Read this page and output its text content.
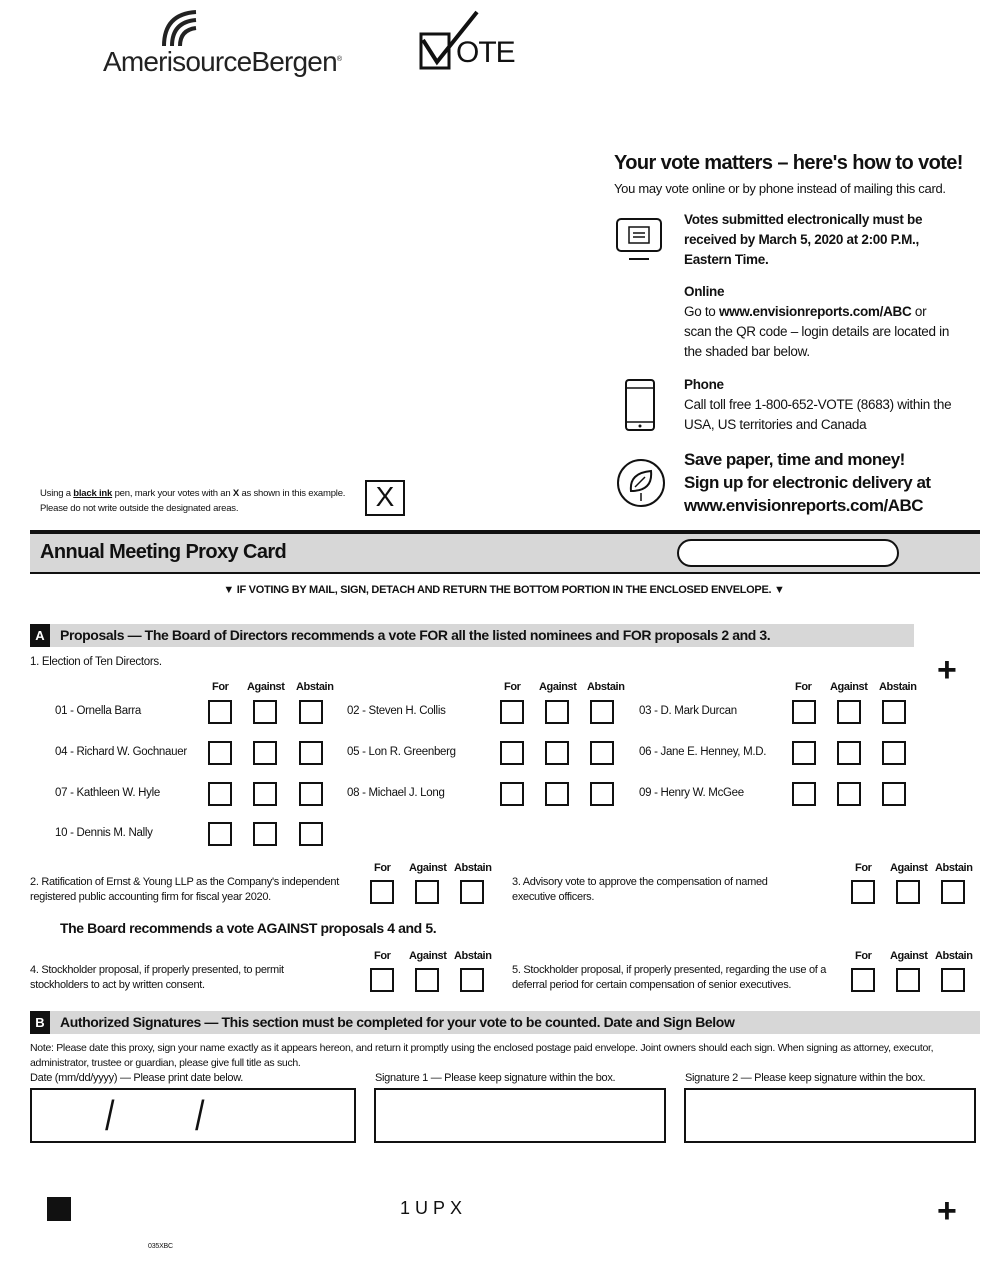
AmerisourceBergen®	OTE
Your vote matters – here's how to vote!
You may vote online or by phone instead of mailing this card.
Votes submitted electronically must be received by March 5, 2020 at 2:00 P.M., Eastern Time.
Online
Go to www.envisionreports.com/ABC or scan the QR code – login details are located in the shaded bar below.
Phone
Call toll free 1-800-652-VOTE (8683) within the USA, US territories and Canada
Save paper, time and money!
Sign up for electronic delivery at
www.envisionreports.com/ABC
Using a black ink pen, mark your votes with an X as shown in this example.
Please do not write outside the designated areas.	X
Annual Meeting Proxy Card
▼ IF VOTING BY MAIL, SIGN, DETACH AND RETURN THE BOTTOM PORTION IN THE ENCLOSED ENVELOPE. ▼
A	Proposals — The Board of Directors recommends a vote FOR all the listed nominees and FOR proposals 2 and 3.
+
1. Election of Ten Directors.
For Against Abstain	For Against Abstain	For Against Abstain
01 - Ornella Barra	02 - Steven H. Collis	03 - D. Mark Durcan
04 - Richard W. Gochnauer	05 - Lon R. Greenberg	06 - Jane E. Henney, M.D.
07 - Kathleen W. Hyle	08 - Michael J. Long	09 - Henry W. McGee
10 - Dennis M. Nally
For Against Abstain
2. Ratification of Ernst & Young LLP as the Company's independent registered public accounting firm for fiscal year 2020.
For Against Abstain
3. Advisory vote to approve the compensation of named executive officers.
The Board recommends a vote AGAINST proposals 4 and 5.
For Against Abstain
4. Stockholder proposal, if properly presented, to permit stockholders to act by written consent.
For Against Abstain
5. Stockholder proposal, if properly presented, regarding the use of a deferral period for certain compensation of senior executives.
B	Authorized Signatures — This section must be completed for your vote to be counted. Date and Sign Below
Note: Please date this proxy, sign your name exactly as it appears hereon, and return it promptly using the enclosed postage paid envelope. Joint owners should each sign. When signing as attorney, executor, administrator, trustee or guardian, please give full title as such.
Date (mm/dd/yyyy) — Please print date below.	Signature 1 — Please keep signature within the box.	Signature 2 — Please keep signature within the box.
/ /
1UPX	+
035XBC
